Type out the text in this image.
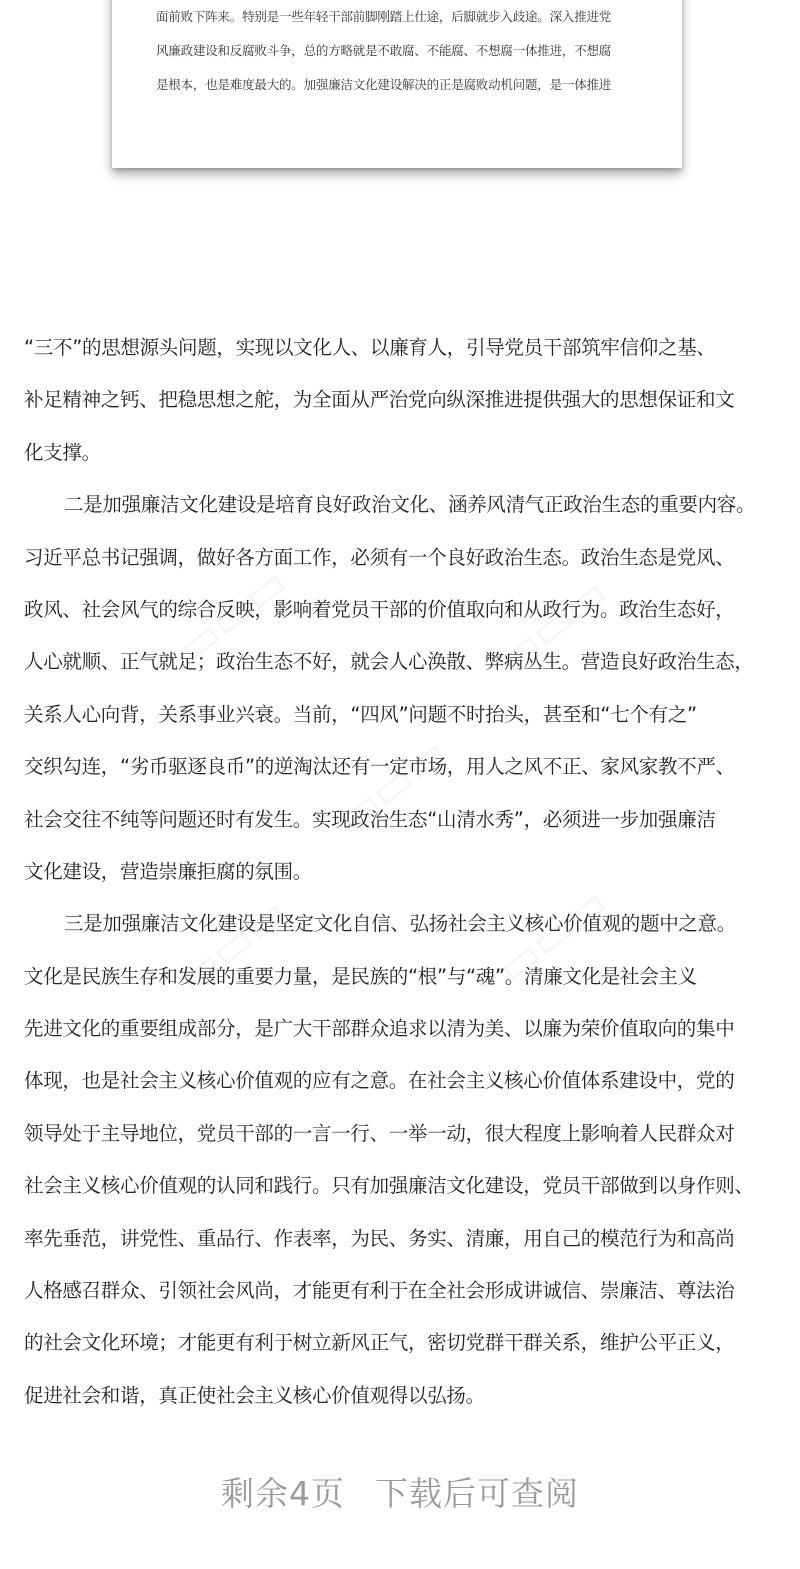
面前败下阵来。特别是一些年轻干部前脚刚踏上仕途，后脚就步入歧途。深入推进党
风廉政建设和反腐败斗争，总的方略就是不敢腐、不能腐、不想腐一体推进，不想腐
是根本，也是难度最大的。加强廉洁文化建设解决的正是腐败动机问题，是一体推进
“三不”的思想源头问题，实现以文化人、以廉育人，引导党员干部筑牢信仰之基、
补足精神之钙、把稳思想之舵，为全面从严治党向纵深推进提供强大的思想保证和文
化支撑。
二是加强廉洁文化建设是培育良好政治文化、涵养风清气正政治生态的重要内容。
习近平总书记强调，做好各方面工作，必须有一个良好政治生态。政治生态是党风、
政风、社会风气的综合反映，影响着党员干部的价值取向和从政行为。政治生态好，
人心就顺、正气就足；政治生态不好，就会人心涣散、弊病丛生。营造良好政治生态，
关系人心向背，关系事业兴衰。当前，“四风”问题不时抬头，甚至和“七个有之”
交织勾连，“劣币驱逐良币”的逆淘汰还有一定市场，用人之风不正、家风家教不严、
社会交往不纯等问题还时有发生。实现政治生态“山清水秀”，必须进一步加强廉洁
文化建设，营造崇廉拒腐的氛围。
三是加强廉洁文化建设是坚定文化自信、弘扬社会主义核心价值观的题中之意。
文化是民族生存和发展的重要力量，是民族的“根”与“魂”。清廉文化是社会主义
先进文化的重要组成部分，是广大干部群众追求以清为美、以廉为荣价值取向的集中
体现，也是社会主义核心价值观的应有之意。在社会主义核心价值体系建设中，党的
领导处于主导地位，党员干部的一言一行、一举一动，很大程度上影响着人民群众对
社会主义核心价值观的认同和践行。只有加强廉洁文化建设，党员干部做到以身作则、
率先垂范，讲党性、重品行、作表率，为民、务实、清廉，用自己的模范行为和高尚
人格感召群众、引领社会风尚，才能更有利于在全社会形成讲诚信、崇廉洁、尊法治
的社会文化环境；才能更有利于树立新风正气，密切党群干群关系，维护公平正义，
促进社会和谐，真正使社会主义核心价值观得以弘扬。
剩余4页 下载后可查阅
